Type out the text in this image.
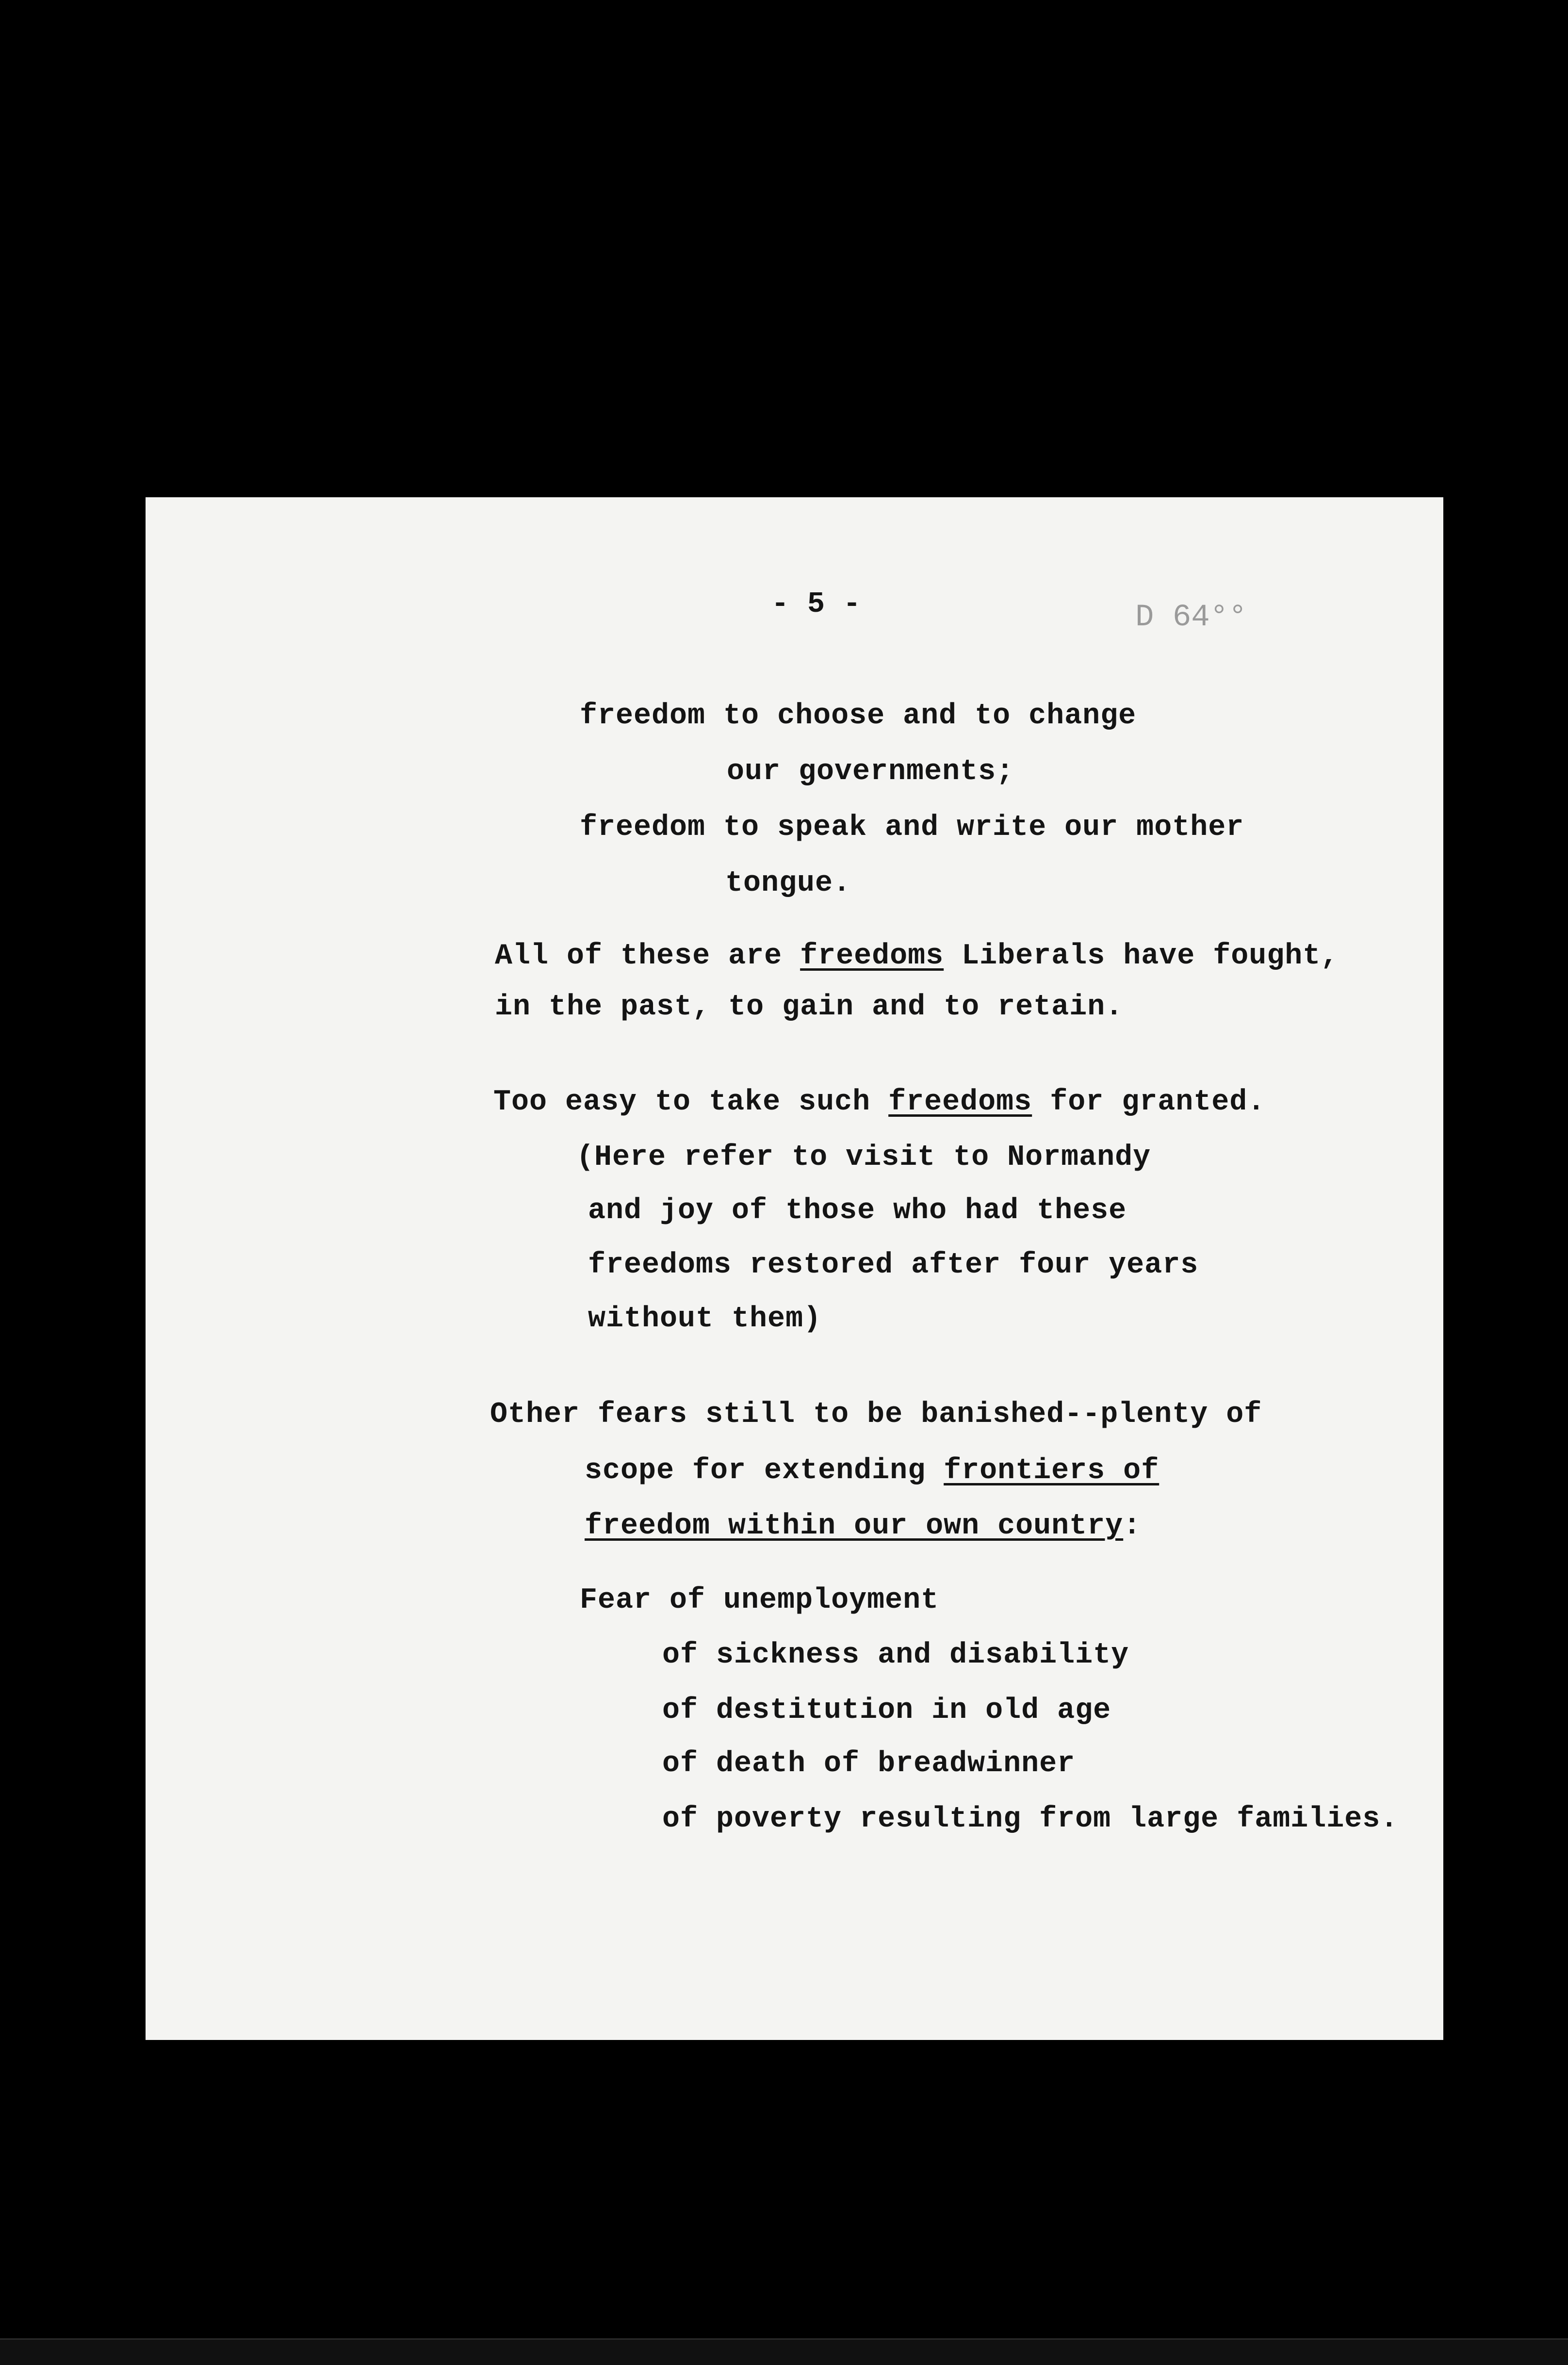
- 5 -	D 64°°
freedom to choose and to change
our governments;
freedom to speak and write our mother
tongue.
All of these are freedoms Liberals have fought,
in the past, to gain and to retain.
Too easy to take such freedoms for granted.
(Here refer to visit to Normandy
and joy of those who had these
freedoms restored after four years
without them)
Other fears still to be banished--plenty of
scope for extending frontiers of
freedom within our own country:
Fear of unemployment
of sickness and disability
of destitution in old age
of death of breadwinner
of poverty resulting from large families.
